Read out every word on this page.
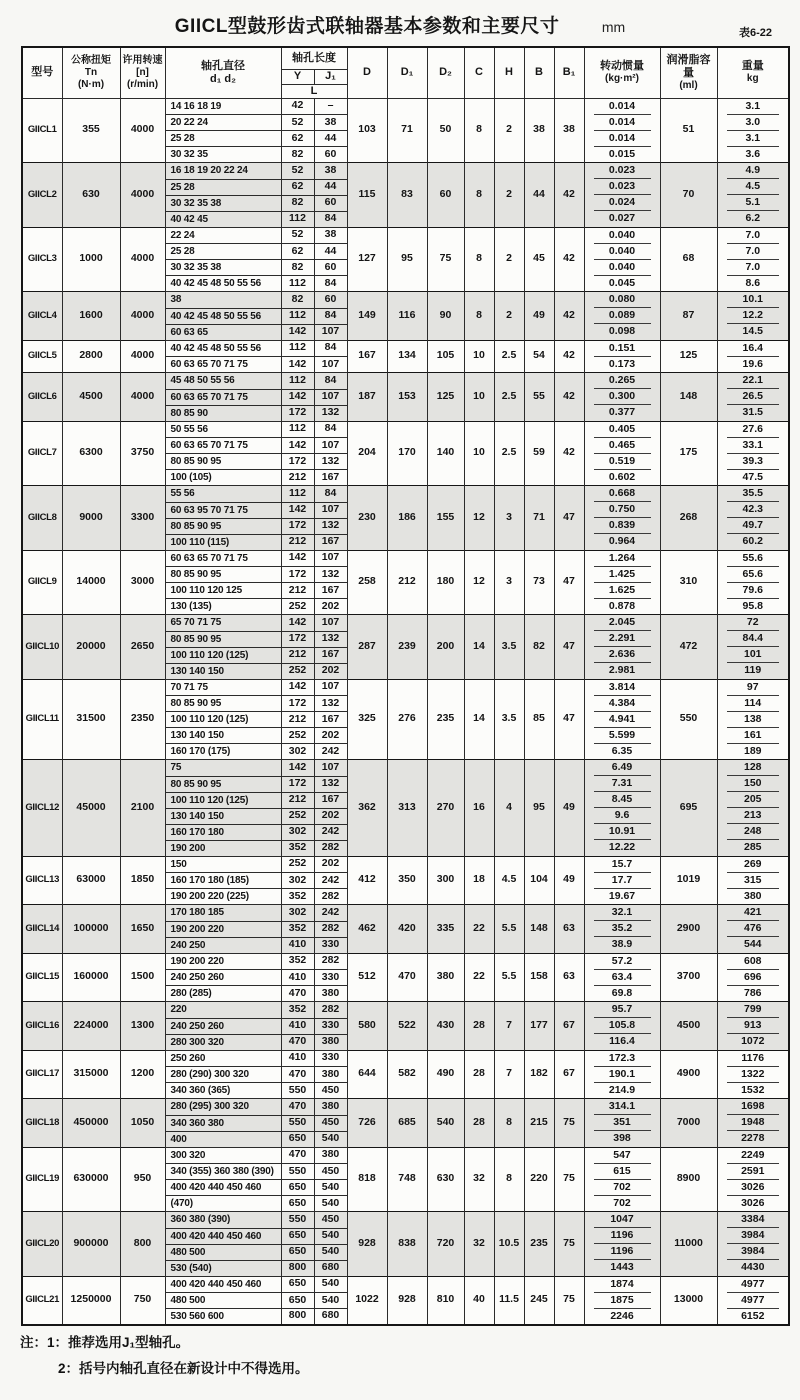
GIICL型鼓形齿式联轴器基本参数和主要尺寸	mm	表6-22
型号	公称扭矩
Tn
(N·m)	许用转速
[n]
(r/min)	轴孔直径
d₁ d₂	轴孔长度		D	D₁	D₂	C	H	B	B₁	转动惯量
(kg·m²)	润滑脂容
量
(ml)	重量
kg

				Y	J₁										
				L											
GIICL1	355	4000	14 16 18 19	42	–	103	71	50	8	2	38	38	0.014	51	3.1

			20 22 24	52	38								0.014		3.0

			25 28	62	44								0.014		3.1

			30 32 35	82	60								0.015		3.6

GIICL2	630	4000	16 18 19 20 22 24	52	38	115	83	60	8	2	44	42	0.023	70	4.9

			25 28	62	44								0.023		4.5

			30 32 35 38	82	60								0.024		5.1

			40 42 45	112	84								0.027		6.2

GIICL3	1000	4000	22 24	52	38	127	95	75	8	2	45	42	0.040	68	7.0

			25 28	62	44								0.040		7.0

			30 32 35 38	82	60								0.040		7.0

			40 42 45 48 50 55 56	112	84								0.045		8.6

GIICL4	1600	4000	38	82	60	149	116	90	8	2	49	42	0.080	87	10.1

			40 42 45 48 50 55 56	112	84								0.089		12.2

			60 63 65	142	107								0.098		14.5

GIICL5	2800	4000	40 42 45 48 50 55 56	112	84	167	134	105	10	2.5	54	42	0.151	125	16.4

			60 63 65 70 71 75	142	107								0.173		19.6

GIICL6	4500	4000	45 48 50 55 56	112	84	187	153	125	10	2.5	55	42	0.265	148	22.1

			60 63 65 70 71 75	142	107								0.300		26.5

			80 85 90	172	132								0.377		31.5

GIICL7	6300	3750	50 55 56	112	84	204	170	140	10	2.5	59	42	0.405	175	27.6

			60 63 65 70 71 75	142	107								0.465		33.1

			80 85 90 95	172	132								0.519		39.3

			100 (105)	212	167								0.602		47.5

GIICL8	9000	3300	55 56	112	84	230	186	155	12	3	71	47	0.668	268	35.5

			60 63 95 70 71 75	142	107								0.750		42.3

			80 85 90 95	172	132								0.839		49.7

			100 110 (115)	212	167								0.964		60.2

GIICL9	14000	3000	60 63 65 70 71 75	142	107	258	212	180	12	3	73	47	1.264	310	55.6

			80 85 90 95	172	132								1.425		65.6

			100 110 120 125	212	167								1.625		79.6

			130 (135)	252	202								0.878		95.8

GIICL10	20000	2650	65 70 71 75	142	107	287	239	200	14	3.5	82	47	2.045	472	72

			80 85 90 95	172	132								2.291		84.4

			100 110 120 (125)	212	167								2.636		101

			130 140 150	252	202								2.981		119

GIICL11	31500	2350	70 71 75	142	107	325	276	235	14	3.5	85	47	3.814	550	97

			80 85 90 95	172	132								4.384		114

			100 110 120 (125)	212	167								4.941		138

			130 140 150	252	202								5.599		161

			160 170 (175)	302	242								6.35		189

GIICL12	45000	2100	75	142	107	362	313	270	16	4	95	49	6.49	695	128

			80 85 90 95	172	132								7.31		150

			100 110 120 (125)	212	167								8.45		205

			130 140 150	252	202								9.6		213

			160 170 180	302	242								10.91		248

			190 200	352	282								12.22		285

GIICL13	63000	1850	150	252	202	412	350	300	18	4.5	104	49	15.7	1019	269

			160 170 180 (185)	302	242								17.7		315

			190 200 220 (225)	352	282								19.67		380

GIICL14	100000	1650	170 180 185	302	242	462	420	335	22	5.5	148	63	32.1	2900	421

			190 200 220	352	282								35.2		476

			240 250	410	330								38.9		544

GIICL15	160000	1500	190 200 220	352	282	512	470	380	22	5.5	158	63	57.2	3700	608

			240 250 260	410	330								63.4		696

			280 (285)	470	380								69.8		786

GIICL16	224000	1300	220	352	282	580	522	430	28	7	177	67	95.7	4500	799

			240 250 260	410	330								105.8		913

			280 300 320	470	380								116.4		1072

GIICL17	315000	1200	250 260	410	330	644	582	490	28	7	182	67	172.3	4900	1176

			280 (290) 300 320	470	380								190.1		1322

			340 360 (365)	550	450								214.9		1532

GIICL18	450000	1050	280 (295) 300 320	470	380	726	685	540	28	8	215	75	314.1	7000	1698

			340 360 380	550	450								351		1948

			400	650	540								398		2278

GIICL19	630000	950	300 320	470	380	818	748	630	32	8	220	75	547	8900	2249

			340 (355) 360 380 (390)	550	450								615		2591

			400 420 440 450 460	650	540								702		3026

			(470)	650	540								702		3026

GIICL20	900000	800	360 380 (390)	550	450	928	838	720	32	10.5	235	75	1047	11000	3384

			400 420 440 450 460	650	540								1196		3984

			480 500	650	540								1196		3984

			530 (540)	800	680								1443		4430

GIICL21	1250000	750	400 420 440 450 460	650	540	1022	928	810	40	11.5	245	75	1874	13000	4977

			480 500	650	540								1875		4977

			530 560 600	800	680								2246		6152
注：1：推荐选用J₁型轴孔。
2：括号内轴孔直径在新设计中不得选用。
